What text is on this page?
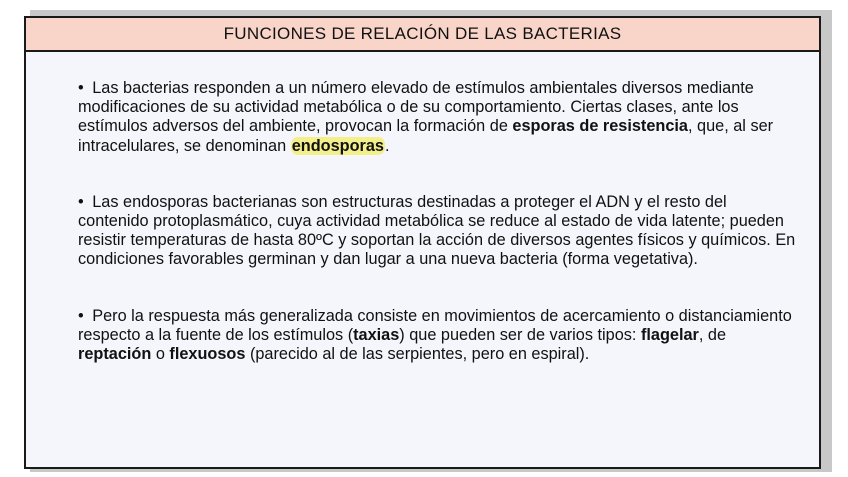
FUNCIONES DE RELACIÓN DE LAS BACTERIAS

• Las bacterias responden a un número elevado de estímulos ambientales diversos mediante modificaciones de su actividad metabólica o de su comportamiento. Ciertas clases, ante los estímulos adversos del ambiente, provocan la formación de esporas de resistencia, que, al ser intracelulares, se denominan endosporas.

• Las endosporas bacterianas son estructuras destinadas a proteger el ADN y el resto del contenido protoplasmático, cuya actividad metabólica se reduce al estado de vida latente; pueden resistir temperaturas de hasta 80ºC y soportan la acción de diversos agentes físicos y químicos. En condiciones favorables germinan y dan lugar a una nueva bacteria (forma vegetativa).

• Pero la respuesta más generalizada consiste en movimientos de acercamiento o distanciamiento respecto a la fuente de los estímulos (taxias) que pueden ser de varios tipos: flagelar, de reptación o flexuosos (parecido al de las serpientes, pero en espiral).
